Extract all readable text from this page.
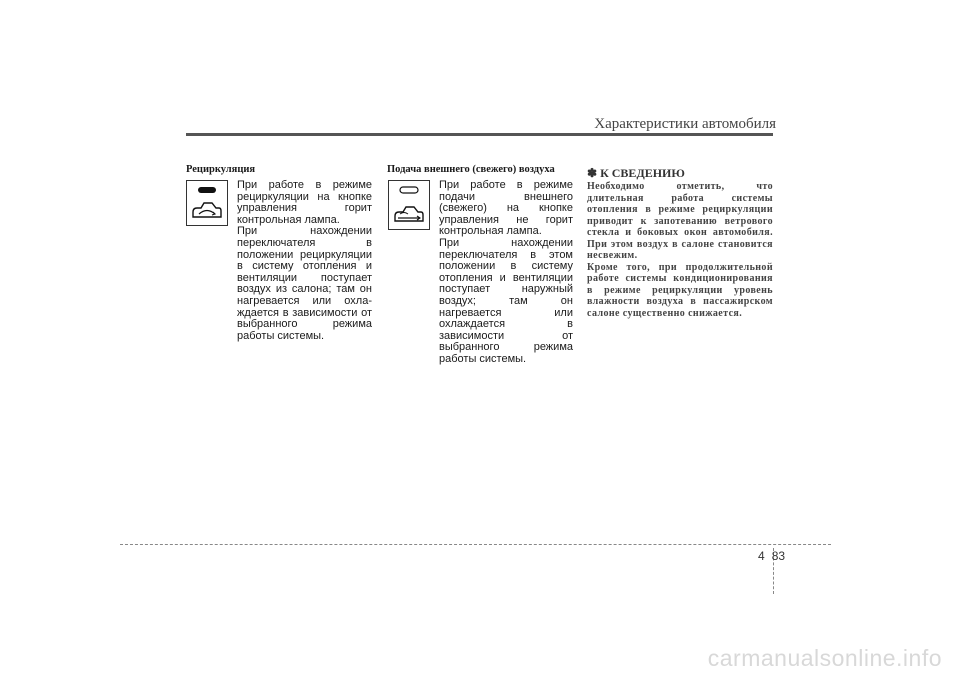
Характеристики автомобиля
Рециркуляция

При работе в режиме рециркуляции на кнопке управления горит контрольная лампа.

При нахождении переключателя в положении рециркуляции в систему отопления и вентиляции поступает воздух из салона; там он нагревается или охла-ждается в зависимости от выбранного режима работы системы.

Подача внешнего (свежего) воздуха

При работе в режиме подачи внешнего (свежего) на кнопке управления не горит контрольная лампа.

При нахождении переключателя в этом положении в систему отопления и вентиляции поступает наружный воздух; там он нагревается или охлаждается в зависимости от выбранного режима работы системы.

✽ К СВЕДЕНИЮ

Необходимо отметить, что длительная работа системы отопления в режиме рециркуляции приводит к запотеванию ветрового стекла и боковых окон автомобиля. При этом воздух в салоне становится несвежим.

Кроме того, при продолжительной работе системы кондиционирования в режиме рециркуляции уровень влажности воздуха в пассажирском салоне существенно снижается.

4 83
carmanualsonline.info
